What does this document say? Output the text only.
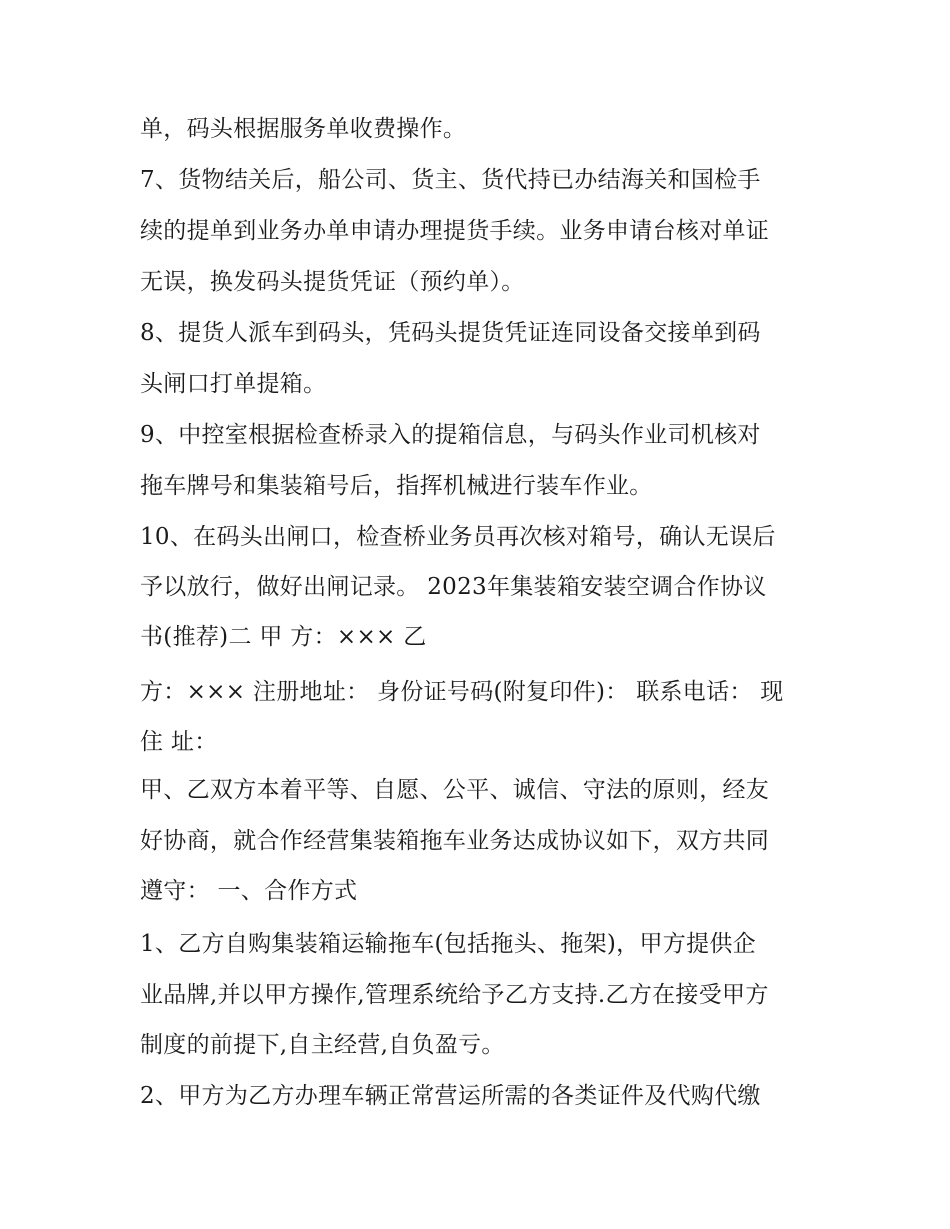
单，码头根据服务单收费操作。
7、货物结关后，船公司、货主、货代持已办结海关和国检手
续的提单到业务办单申请办理提货手续。业务申请台核对单证
无误，换发码头提货凭证（预约单）。
8、提货人派车到码头，凭码头提货凭证连同设备交接单到码
头闸口打单提箱。
9、中控室根据检查桥录入的提箱信息，与码头作业司机核对
拖车牌号和集装箱号后，指挥机械进行装车作业。
10、在码头出闸口，检查桥业务员再次核对箱号，确认无误后
予以放行，做好出闸记录。 2023年集装箱安装空调合作协议
书(推荐)二 甲 方：××× 乙
方：××× 注册地址： 身份证号码(附复印件)： 联系电话： 现
住 址：
甲、乙双方本着平等、自愿、公平、诚信、守法的原则，经友
好协商，就合作经营集装箱拖车业务达成协议如下，双方共同
遵守： 一、合作方式
1、乙方自购集装箱运输拖车(包括拖头、拖架)，甲方提供企
业品牌,并以甲方操作,管理系统给予乙方支持.乙方在接受甲方
制度的前提下,自主经营,自负盈亏。
2、甲方为乙方办理车辆正常营运所需的各类证件及代购代缴
